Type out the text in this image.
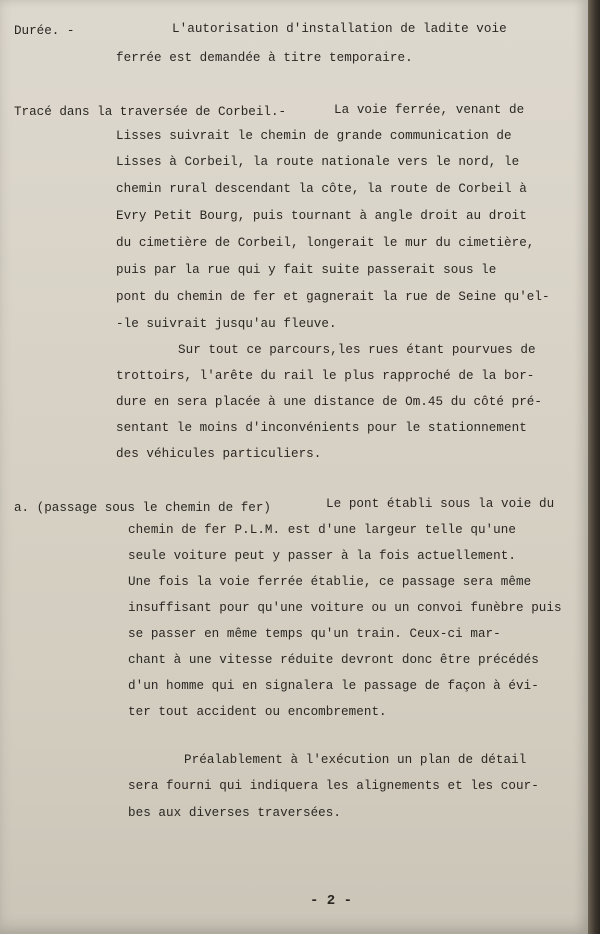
Durée. -	L'autorisation d'installation de ladite voie
ferrée est demandée à titre temporaire.
Tracé dans la traversée de Corbeil.-	La voie ferrée, venant de
Lisses suivrait le chemin de grande communication de
Lisses à Corbeil, la route nationale vers le nord, le
chemin rural descendant la côte, la route de Corbeil à
Evry Petit Bourg, puis tournant à angle droit au droit
du cimetière de Corbeil, longerait le mur du cimetière,
puis par la rue qui y fait suite passerait sous le
pont du chemin de fer et gagnerait la rue de Seine qu'el-
-le suivrait jusqu'au fleuve.
Sur tout ce parcours,les rues étant pourvues de
trottoirs, l'arête du rail le plus rapproché de la bor-
dure en sera placée à une distance de Om.45 du côté pré-
sentant le moins d'inconvénients pour le stationnement
des véhicules particuliers.
a. (passage sous le chemin de fer)	Le pont établi sous la voie du
chemin de fer P.L.M. est d'une largeur telle qu'une
seule voiture peut y passer à la fois actuellement.
Une fois la voie ferrée établie, ce passage sera même
insuffisant pour qu'une voiture ou un convoi funèbre puis
se passer en même temps qu'un train. Ceux-ci mar-
chant à une vitesse réduite devront donc être précédés
d'un homme qui en signalera le passage de façon à évi-
ter tout accident ou encombrement.
Préalablement à l'exécution un plan de détail
sera fourni qui indiquera les alignements et les cour-
bes aux diverses traversées.
- 2 -
